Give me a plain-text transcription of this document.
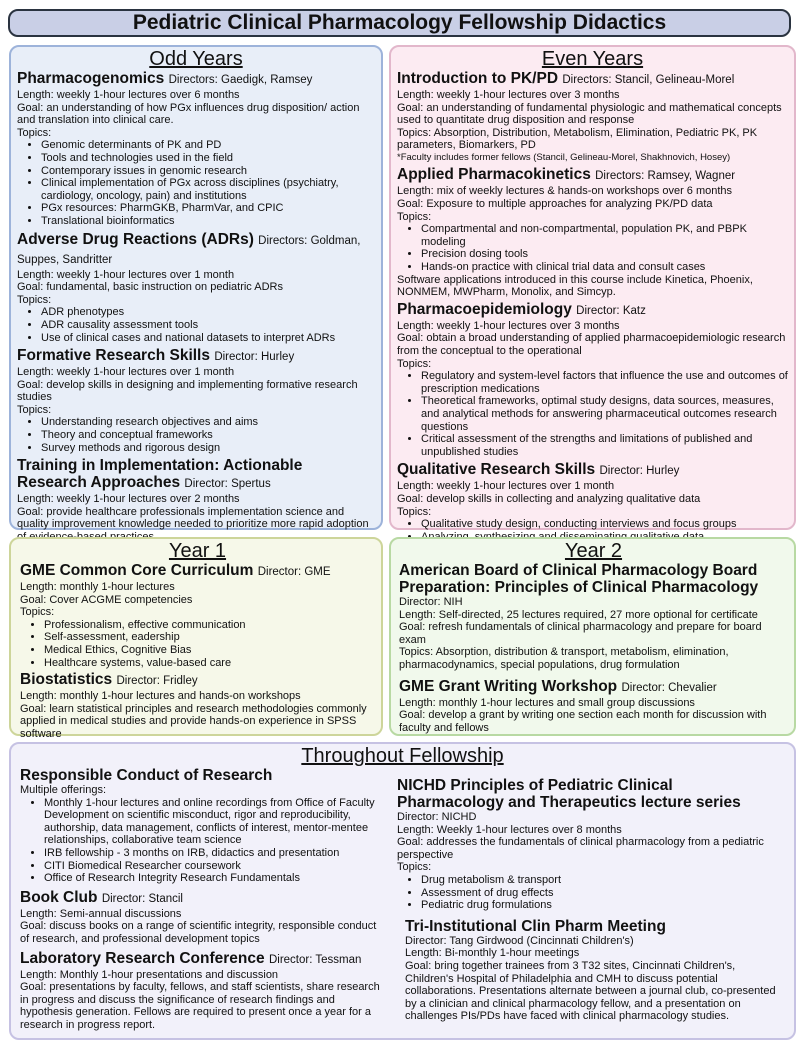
Pediatric Clinical Pharmacology Fellowship Didactics
Odd Years

Pharmacogenomics Directors: Gaedigk, Ramsey

Length: weekly 1-hour lectures over 6 months

Goal: an understanding of how PGx influences drug disposition/ action and translation into clinical care.

Topics:

• Genomic determinants of PK and PD
• Tools and technologies used in the field
• Contemporary issues in genomic research
• Clinical implementation of PGx across disciplines (psychiatry, cardiology, oncology, pain) and institutions
• PGx resources: PharmGKB, PharmVar, and CPIC
• Translational bioinformatics

Adverse Drug Reactions (ADRs) Directors: Goldman, Suppes, Sandritter

Length: weekly 1-hour lectures over 1 month

Goal: fundamental, basic instruction on pediatric ADRs

Topics:

• ADR phenotypes
• ADR causality assessment tools
• Use of clinical cases and national datasets to interpret ADRs

Formative Research Skills Director: Hurley

Length: weekly 1-hour lectures over 1 month

Goal: develop skills in designing and implementing formative research studies

Topics:

• Understanding research objectives and aims
• Theory and conceptual frameworks
• Survey methods and rigorous design

Training in Implementation: Actionable Research Approaches Director: Spertus

Length: weekly 1-hour lectures over 2 months

Goal: provide healthcare professionals implementation science and quality improvement knowledge needed to prioritize more rapid adoption

Even Years

Introduction to PK/PD Directors: Stancil, Gelineau-Morel

Length: weekly 1-hour lectures over 3 months

Goal: an understanding of fundamental physiologic and mathematical concepts used to quantitate drug disposition and response

Topics: Absorption, Distribution, Metabolism, Elimination, Pediatric PK, PK parameters, Biomarkers, PD

*Faculty includes former fellows (Stancil, Gelineau-Morel, Shakhnovich, Hosey)

Applied Pharmacokinetics Directors: Ramsey, Wagner

Length: mix of weekly lectures & hands-on workshops over 6 months

Goal: Exposure to multiple approaches for analyzing PK/PD data

Topics:

• Compartmental and non-compartmental, population PK, and PBPK modeling
• Precision dosing tools
• Hands-on practice with clinical trial data and consult cases

Software applications introduced in this course include Kinetica, Phoenix, NONMEM, MWPharm, Monolix, and Simcyp.

Pharmacoepidemiology Director: Katz

Length: weekly 1-hour lectures over 3 months

Goal: obtain a broad understanding of applied pharmacoepidemiologic research from the conceptual to the operational

Topics:

• Regulatory and system-level factors that influence the use and outcomes of prescription medications
• Theoretical frameworks, optimal study designs, data sources, measures, and analytical methods for answering pharmaceutical outcomes research questions
• Critical assessment of the strengths and limitations of published and unpublished studies

Qualitative Research Skills Director: Hurley

Length: weekly 1-hour lectures over 1 month

Goal: develop skills in collecting and analyzing qualitative data

Topics:

• Qualitative study design, conducting interviews and focus groups
•
Year 1

GME Common Core Curriculum Director: GME

Length: monthly 1-hour lectures

Goal: Cover ACGME competencies

Topics:

• Professionalism, effective communication
• Self-assessment, eadership
• Medical Ethics, Cognitive Bias
• Healthcare systems, value-based care

Biostatistics Director: Fridley

Length: monthly 1-hour lectures and hands-on workshops

Goal: learn statistical principles and research methodologies commonly applied in medical studies and provide hands-on experience in SPSS software

Year 2

American Board of Clinical Pharmacology Board Preparation: Principles of Clinical Pharmacology

Director: NIH

Length: Self-directed, 25 lectures required, 27 more optional for certificate

Goal: refresh fundamentals of clinical pharmacology and prepare for board exam

Topics: Absorption, distribution & transport, metabolism, elimination, pharmacodynamics, special populations, drug formulation

GME Grant Writing Workshop Director: Chevalier

Length: monthly 1-hour lectures and small group discussions

Goal: develop a grant by writing one section each month for discussion with faculty and fellows

Throughout Fellowship

Responsible Conduct of Research

Multiple offerings:

• Monthly 1-hour lectures and online recordings from Office of Faculty Development on scientific misconduct, rigor and reproducibility, authorship, data management, conflicts of interest, mentor-mentee relationships, collaborative team science
• IRB fellowship - 3 months on IRB, didactics and presentation
• CITI Biomedical Researcher coursework
• Office of Research Integrity Research Fundamentals

Book Club Director: Stancil

Length: Semi-annual discussions

Goal: discuss books on a range of scientific integrity, responsible conduct of research, and professional development topics

Laboratory Research Conference Director: Tessman

Length: Monthly 1-hour presentations and discussion

Goal: presentations by faculty, fellows, and staff scientists, share research in progress and discuss the significance of research findings and hypothesis generation. Fellows are required to present once a year for a research in progress report.

NICHD Principles of Pediatric Clinical Pharmacology and Therapeutics lecture series

Director: NICHD

Length: Weekly 1-hour lectures over 8 months

Goal: addresses the fundamentals of clinical pharmacology from a pediatric perspective

Topics:

• Drug metabolism & transport
• Assessment of drug effects
• Pediatric drug formulations

Tri-Institutional Clin Pharm Meeting

Director: Tang Girdwood (Cincinnati Children's)

Length: Bi-monthly 1-hour meetings

Goal: bring together trainees from 3 T32 sites, Cincinnati Children's, Children's Hospital of Philadelphia and CMH to discuss potential collaborations. Presentations alternate between a journal club, co-presented by a clinician and clinical pharmacology fellow, and a presentation on challenges PIs/PDs have faced with clinical pharmacology studies.
